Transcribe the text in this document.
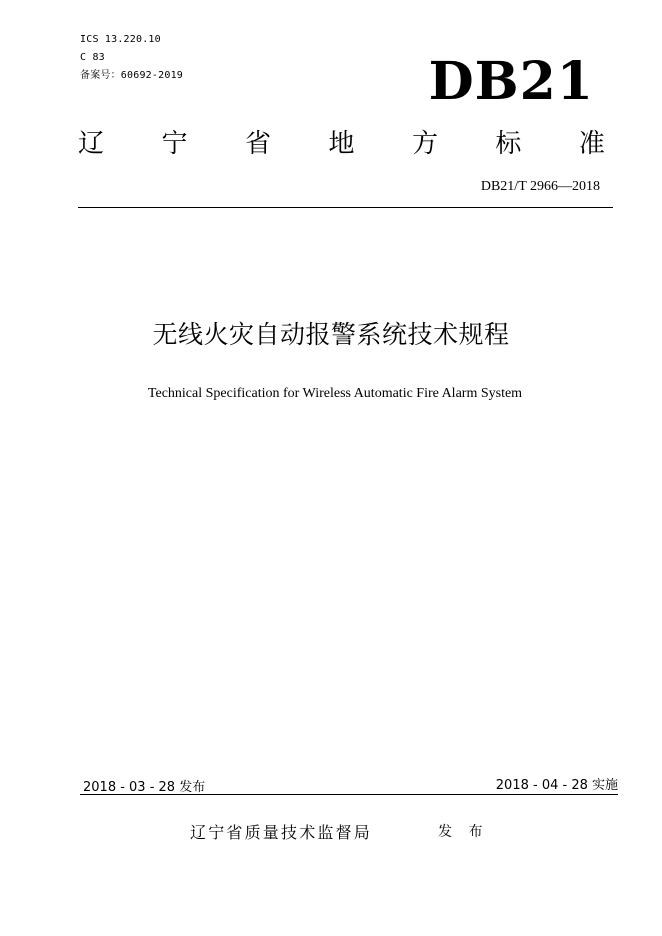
ICS 13.220.10
C 83
备案号：60692-2019	DB21
辽 宁 省 地 方 标 准
DB21/T 2966—2018
无线火灾自动报警系统技术规程
Technical Specification for Wireless Automatic Fire Alarm System
2018 - 03 - 28 发布	2018 - 04 - 28 实施
辽宁省质量技术监督局	发 布
